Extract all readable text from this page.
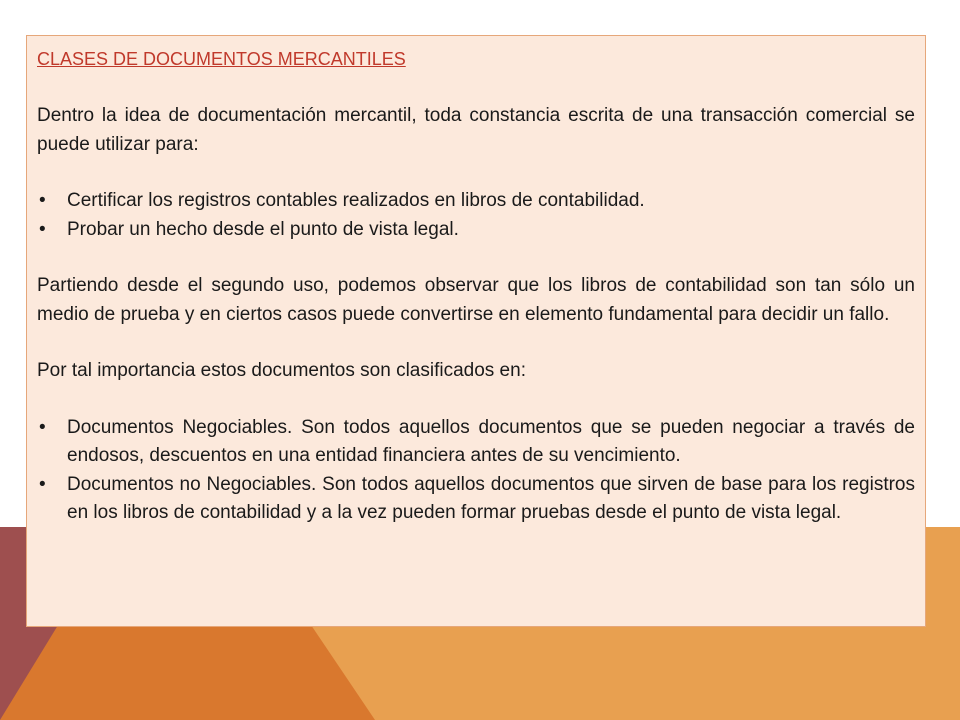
CLASES DE DOCUMENTOS MERCANTILES

Dentro la idea de documentación mercantil, toda constancia escrita de una transacción comercial se puede utilizar para:

• Certificar los registros contables realizados en libros de contabilidad.
• Probar un hecho desde el punto de vista legal.

Partiendo desde el segundo uso, podemos observar que los libros de contabilidad son tan sólo un medio de prueba y en ciertos casos puede convertirse en elemento fundamental para decidir un fallo.

Por tal importancia estos documentos son clasificados en:

• Documentos Negociables. Son todos aquellos documentos que se pueden negociar a través de endosos, descuentos en una entidad financiera antes de su vencimiento.
• Documentos no Negociables. Son todos aquellos documentos que sirven de base para los registros en los libros de contabilidad y a la vez pueden formar pruebas desde el punto de vista legal.
